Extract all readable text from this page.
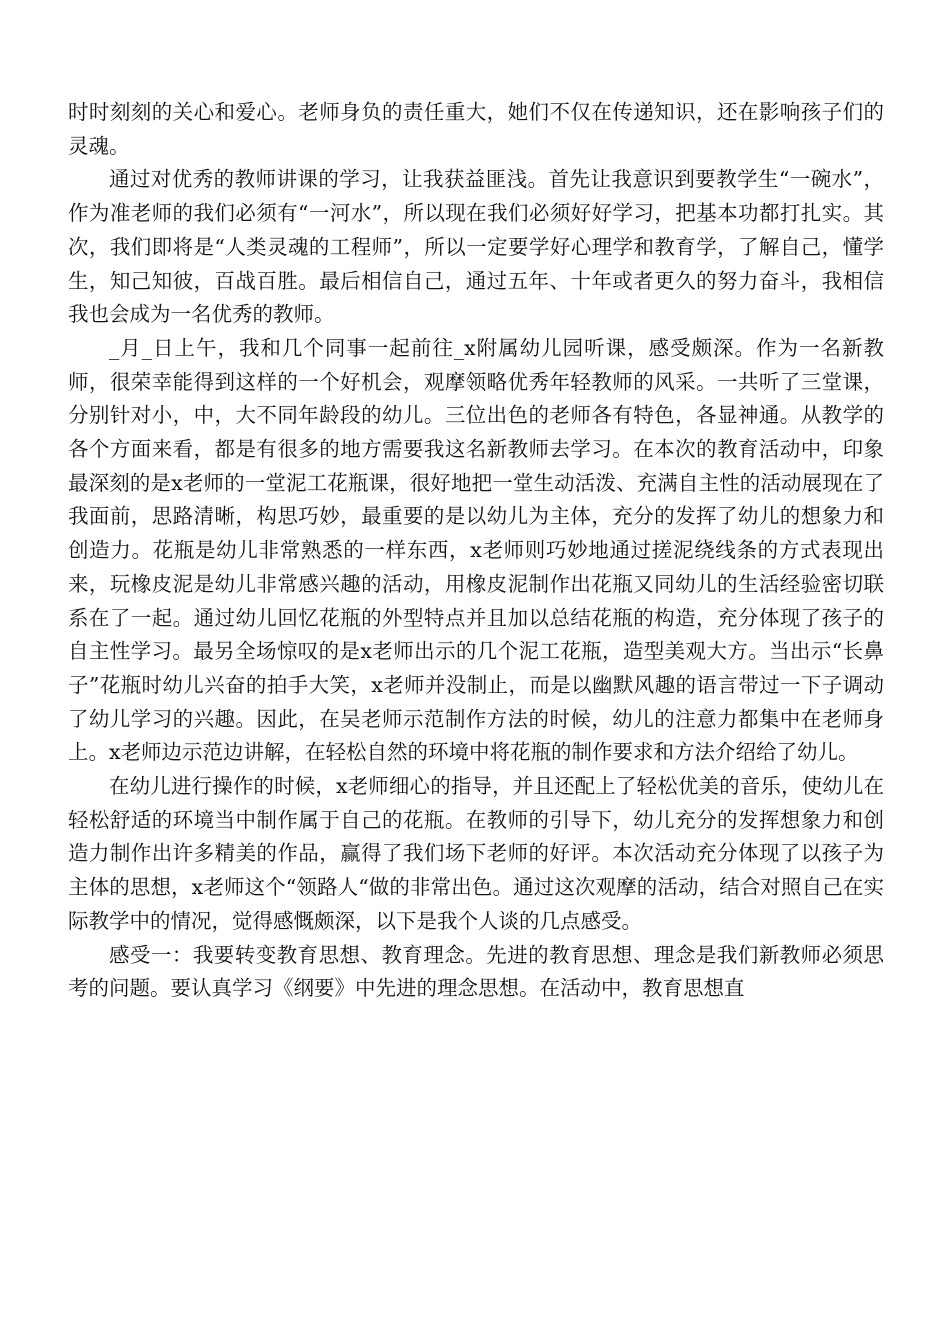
时时刻刻的关心和爱心。老师身负的责任重大，她们不仅在传递知识，还在影响孩子们的灵魂。

通过对优秀的教师讲课的学习，让我获益匪浅。首先让我意识到要教学生“一碗水”，作为准老师的我们必须有“一河水”，所以现在我们必须好好学习，把基本功都打扎实。其次，我们即将是“人类灵魂的工程师”，所以一定要学好心理学和教育学，了解自己，懂学生，知己知彼，百战百胜。最后相信自己，通过五年、十年或者更久的努力奋斗，我相信我也会成为一名优秀的教师。

_月_日上午，我和几个同事一起前往_x附属幼儿园听课，感受颇深。作为一名新教师，很荣幸能得到这样的一个好机会，观摩领略优秀年轻教师的风采。一共听了三堂课，分别针对小，中，大不同年龄段的幼儿。三位出色的老师各有特色，各显神通。从教学的各个方面来看，都是有很多的地方需要我这名新教师去学习。在本次的教育活动中，印象最深刻的是x老师的一堂泥工花瓶课，很好地把一堂生动活泼、充满自主性的活动展现在了我面前，思路清晰，构思巧妙，最重要的是以幼儿为主体，充分的发挥了幼儿的想象力和创造力。花瓶是幼儿非常熟悉的一样东西，x老师则巧妙地通过搓泥绕线条的方式表现出来，玩橡皮泥是幼儿非常感兴趣的活动，用橡皮泥制作出花瓶又同幼儿的生活经验密切联系在了一起。通过幼儿回忆花瓶的外型特点并且加以总结花瓶的构造，充分体现了孩子的自主性学习。最另全场惊叹的是x老师出示的几个泥工花瓶，造型美观大方。当出示“长鼻子”花瓶时幼儿兴奋的拍手大笑，x老师并没制止，而是以幽默风趣的语言带过一下子调动了幼儿学习的兴趣。因此，在吴老师示范制作方法的时候，幼儿的注意力都集中在老师身上。x老师边示范边讲解，在轻松自然的环境中将花瓶的制作要求和方法介绍给了幼儿。

在幼儿进行操作的时候，x老师细心的指导，并且还配上了轻松优美的音乐，使幼儿在轻松舒适的环境当中制作属于自己的花瓶。在教师的引导下，幼儿充分的发挥想象力和创造力制作出许多精美的作品，赢得了我们场下老师的好评。本次活动充分体现了以孩子为主体的思想，x老师这个“领路人“做的非常出色。通过这次观摩的活动，结合对照自己在实际教学中的情况，觉得感慨颇深，以下是我个人谈的几点感受。

感受一：我要转变教育思想、教育理念。先进的教育思想、理念是我们新教师必须思考的问题。要认真学习《纲要》中先进的理念思想。在活动中，教育思想直
